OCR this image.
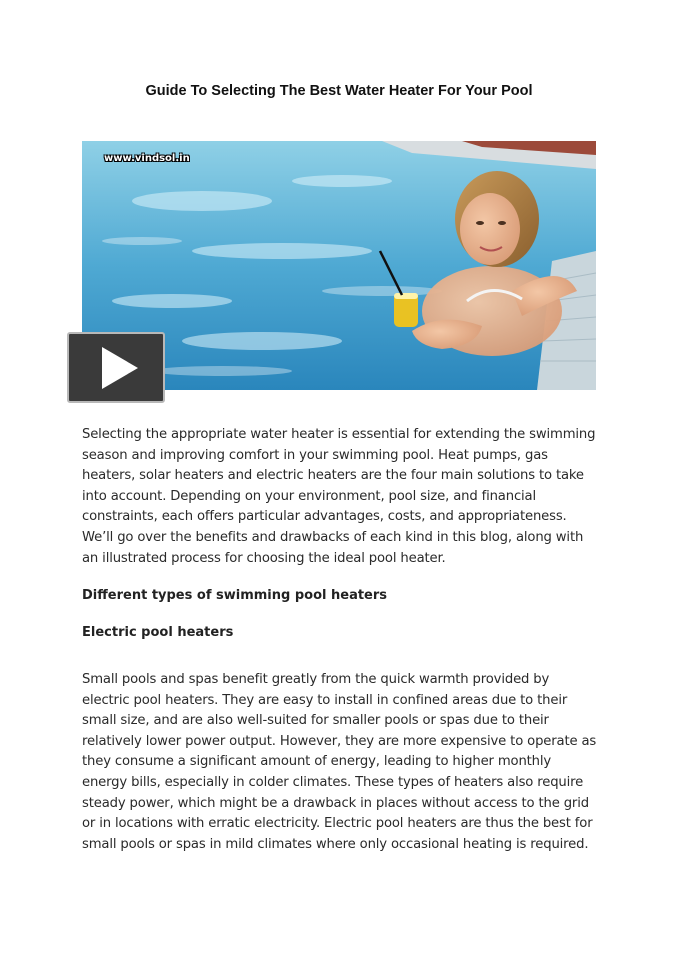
Guide To Selecting The Best Water Heater For Your Pool
www.vindsol.in

Selecting the appropriate water heater is essential for extending the swimming season and improving comfort in your swimming pool. Heat pumps, gas heaters, solar heaters and electric heaters are the four main solutions to take into account. Depending on your environment, pool size, and financial constraints, each offers particular advantages, costs, and appropriateness. We’ll go over the benefits and drawbacks of each kind in this blog, along with an illustrated process for choosing the ideal pool heater.

Different types of swimming pool heaters
Electric pool heaters

Small pools and spas benefit greatly from the quick warmth provided by electric pool heaters. They are easy to install in confined areas due to their small size, and are also well-suited for smaller pools or spas due to their relatively lower power output. However, they are more expensive to operate as they consume a significant amount of energy, leading to higher monthly energy bills, especially in colder climates. These types of heaters also require steady power, which might be a drawback in places without access to the grid or in locations with erratic electricity. Electric pool heaters are thus the best for small pools or spas in mild climates where only occasional heating is required.
